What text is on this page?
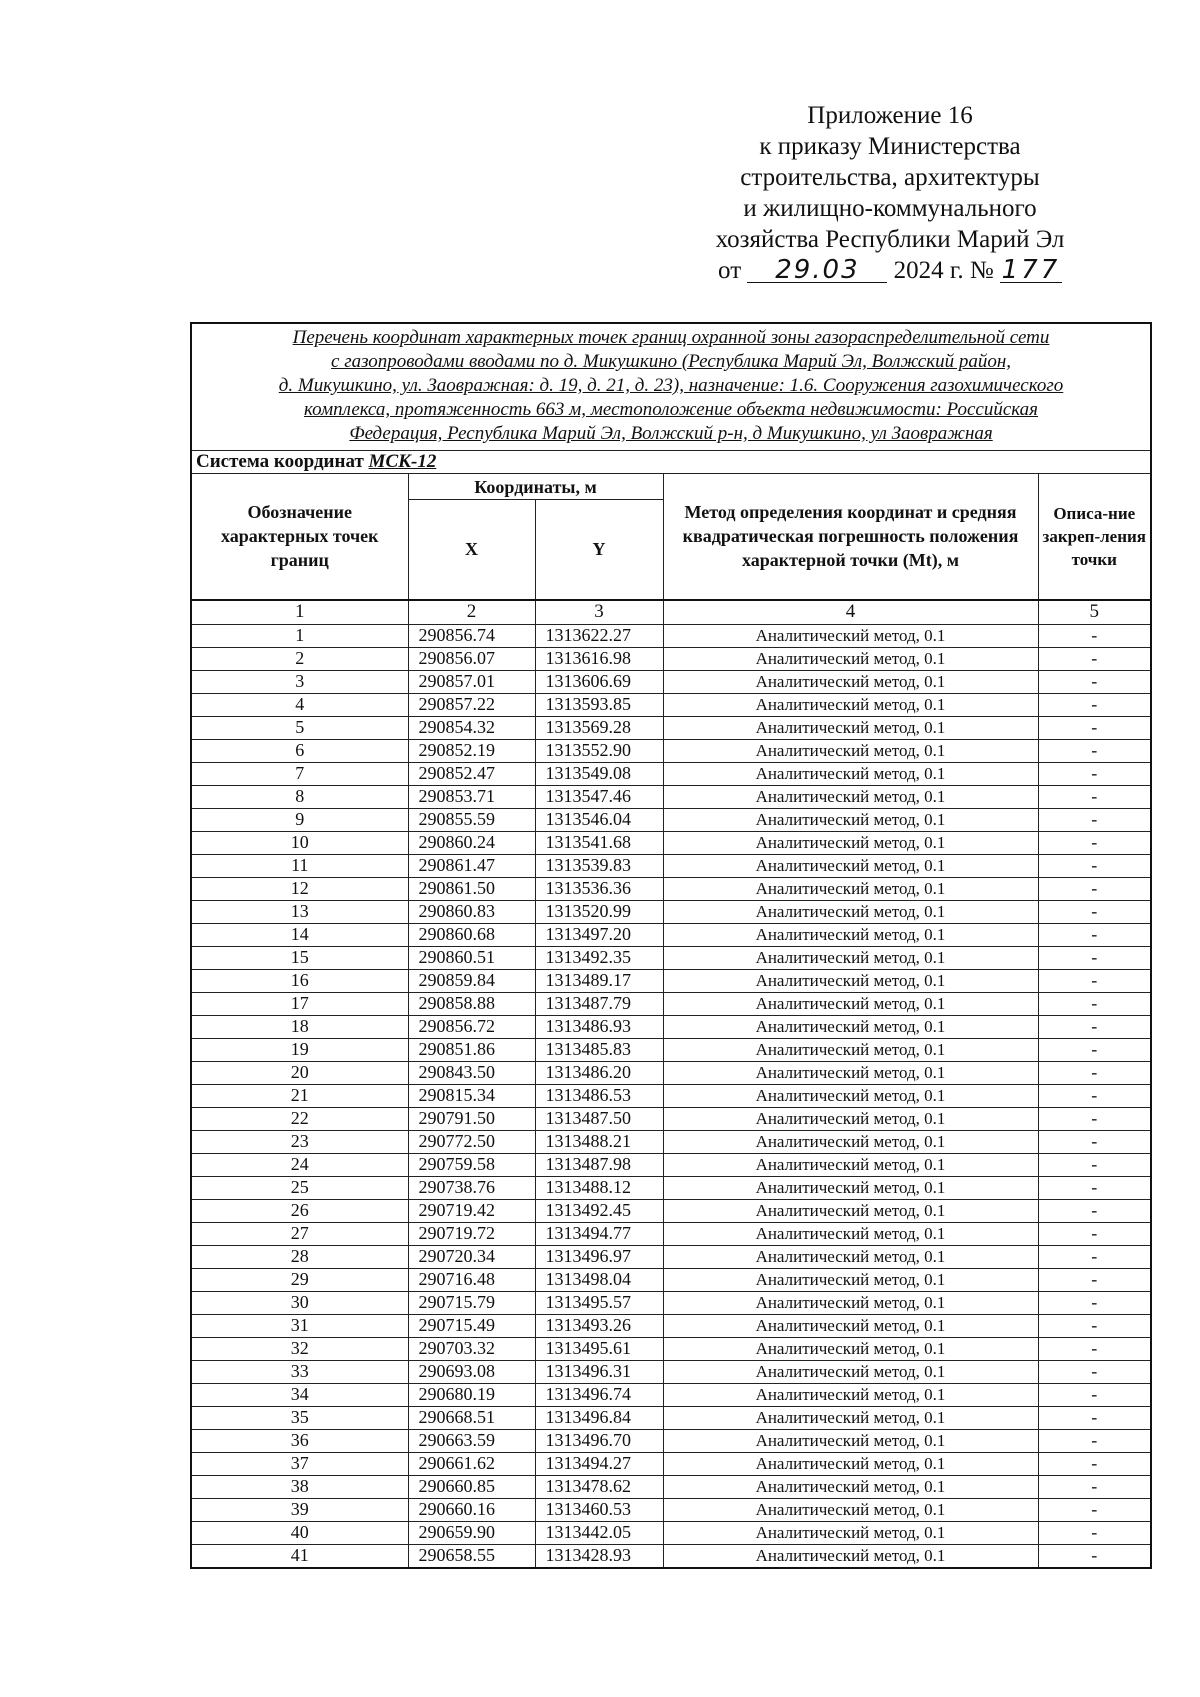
Приложение 16
к приказу Министерства
строительства, архитектуры
и жилищно-коммунального
хозяйства Республики Марий Эл
от 29.03 2024 г. № 177
Перечень координат характерных точек границ охранной зоны газораспределительной сети
с газопроводами вводами по д. Микушкино (Республика Марий Эл, Волжский район,
д. Микушкино, ул. Заовражная: д. 19, д. 21, д. 23), назначение: 1.6. Сооружения газохимического
комплекса, протяженность 663 м, местоположение объекта недвижимости: Российская
Федерация, Республика Марий Эл, Волжский р-н, д Микушкино, ул Заовражная				

Система координат МСК-12				
Обозначение характерных точек границ	Координаты, м		Метод определения координат и средняя квадратическая погрешность положения характерной точки (Mt), м	Описа-ние закреп-ления точки
	X	Y		
1	2	3	4	5
1	290856.74	1313622.27	Аналитический метод, 0.1	-
2	290856.07	1313616.98	Аналитический метод, 0.1	-
3	290857.01	1313606.69	Аналитический метод, 0.1	-
4	290857.22	1313593.85	Аналитический метод, 0.1	-
5	290854.32	1313569.28	Аналитический метод, 0.1	-
6	290852.19	1313552.90	Аналитический метод, 0.1	-
7	290852.47	1313549.08	Аналитический метод, 0.1	-
8	290853.71	1313547.46	Аналитический метод, 0.1	-
9	290855.59	1313546.04	Аналитический метод, 0.1	-
10	290860.24	1313541.68	Аналитический метод, 0.1	-
11	290861.47	1313539.83	Аналитический метод, 0.1	-
12	290861.50	1313536.36	Аналитический метод, 0.1	-
13	290860.83	1313520.99	Аналитический метод, 0.1	-
14	290860.68	1313497.20	Аналитический метод, 0.1	-
15	290860.51	1313492.35	Аналитический метод, 0.1	-
16	290859.84	1313489.17	Аналитический метод, 0.1	-
17	290858.88	1313487.79	Аналитический метод, 0.1	-
18	290856.72	1313486.93	Аналитический метод, 0.1	-
19	290851.86	1313485.83	Аналитический метод, 0.1	-
20	290843.50	1313486.20	Аналитический метод, 0.1	-
21	290815.34	1313486.53	Аналитический метод, 0.1	-
22	290791.50	1313487.50	Аналитический метод, 0.1	-
23	290772.50	1313488.21	Аналитический метод, 0.1	-
24	290759.58	1313487.98	Аналитический метод, 0.1	-
25	290738.76	1313488.12	Аналитический метод, 0.1	-
26	290719.42	1313492.45	Аналитический метод, 0.1	-
27	290719.72	1313494.77	Аналитический метод, 0.1	-
28	290720.34	1313496.97	Аналитический метод, 0.1	-
29	290716.48	1313498.04	Аналитический метод, 0.1	-
30	290715.79	1313495.57	Аналитический метод, 0.1	-
31	290715.49	1313493.26	Аналитический метод, 0.1	-
32	290703.32	1313495.61	Аналитический метод, 0.1	-
33	290693.08	1313496.31	Аналитический метод, 0.1	-
34	290680.19	1313496.74	Аналитический метод, 0.1	-
35	290668.51	1313496.84	Аналитический метод, 0.1	-
36	290663.59	1313496.70	Аналитический метод, 0.1	-
37	290661.62	1313494.27	Аналитический метод, 0.1	-
38	290660.85	1313478.62	Аналитический метод, 0.1	-
39	290660.16	1313460.53	Аналитический метод, 0.1	-
40	290659.90	1313442.05	Аналитический метод, 0.1	-
41	290658.55	1313428.93	Аналитический метод, 0.1	-
